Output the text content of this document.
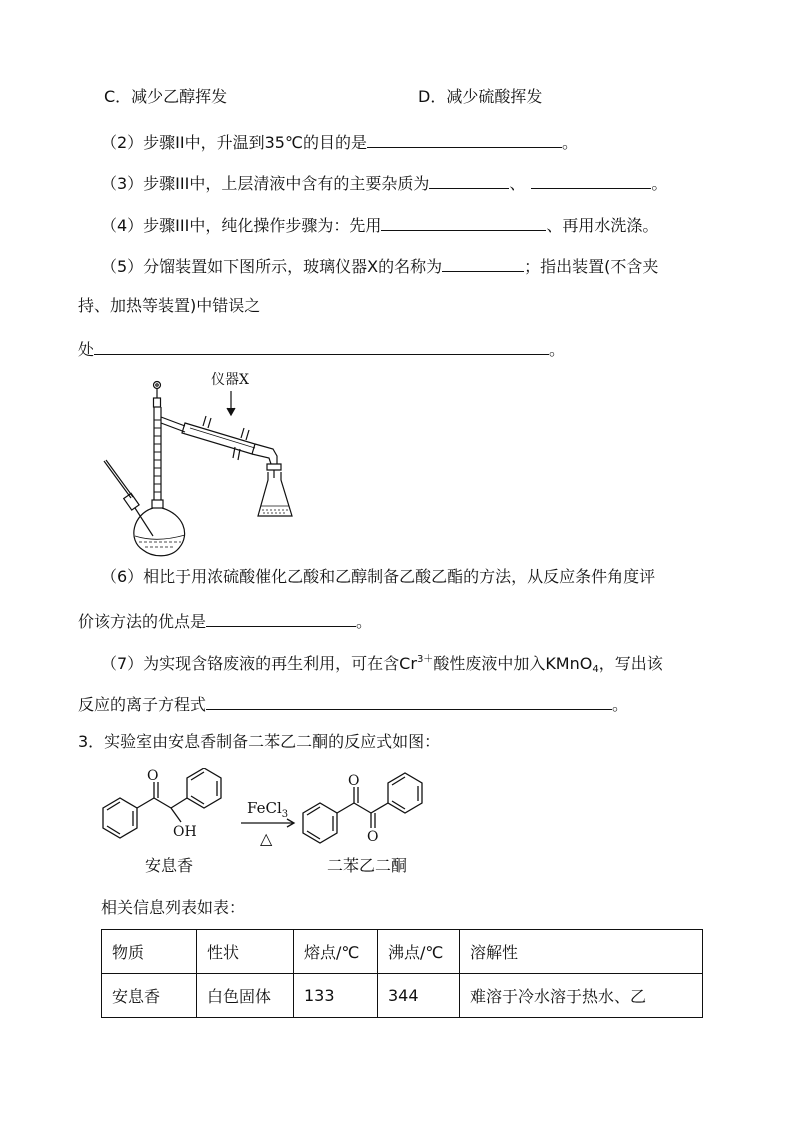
C．减少乙醇挥发	D．减少硫酸挥发
（2）步骤II中，升温到35℃的目的是	。
（3）步骤III中，上层清液中含有的主要杂质为	、	。
（4）步骤III中，纯化操作步骤为：先用	、再用水洗涤。
（5）分馏装置如下图所示，玻璃仪器X的名称为	；指出装置(不含夹
持、加热等装置)中错误之
处	。
仪器X
（6）相比于用浓硫酸催化乙酸和乙醇制备乙酸乙酯的方法，从反应条件角度评
价该方法的优点是	。
（7）为实现含铬废液的再生利用，可在含$Cr^{3+}$酸性废液中加入KMnO$_4$，写出该
反应的离子方程式	。
3．实验室由安息香制备二苯乙二酮的反应式如图：
O
OH
O
O
FeCl$_3$
△
安息香	二苯乙二酮
相关信息列表如表：
物质	性状	熔点/℃	沸点/℃	溶解性
安息香	白色固体	133	344	难溶于冷水溶于热水、乙
